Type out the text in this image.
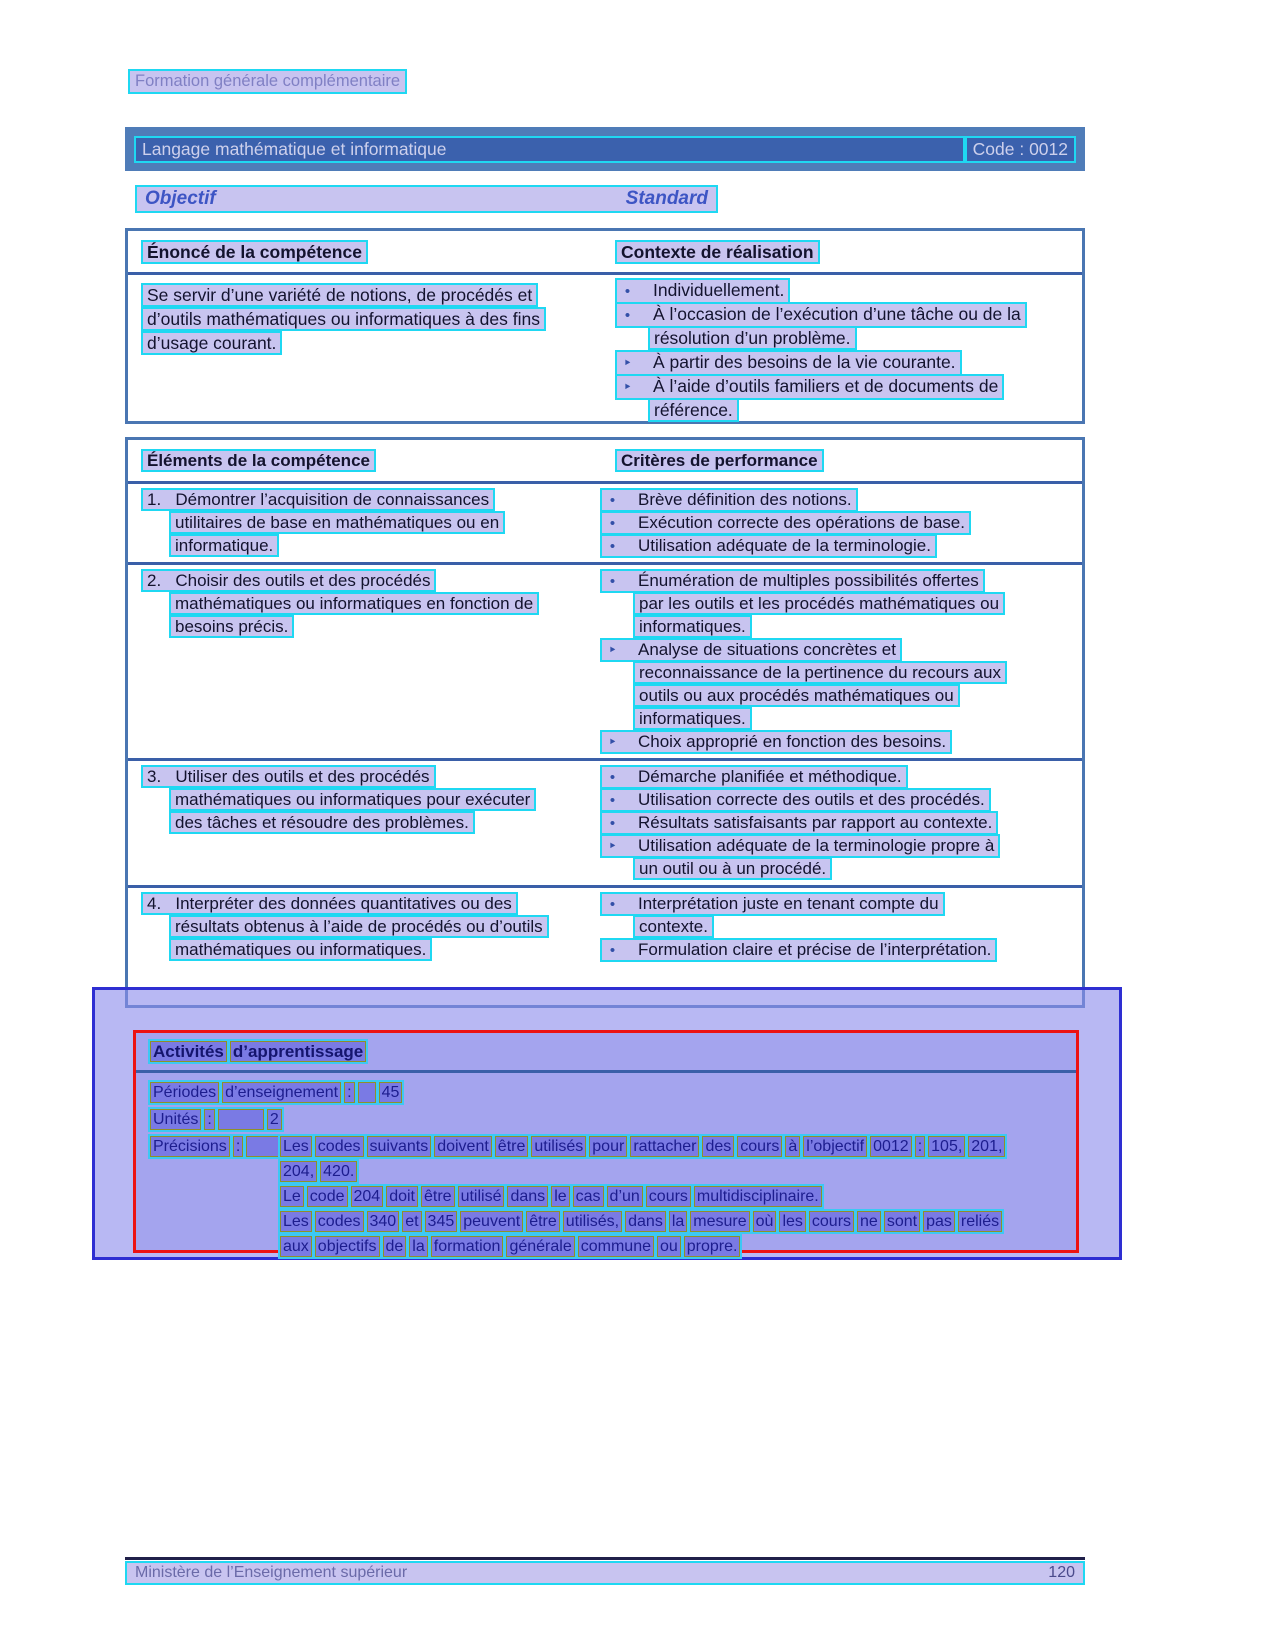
Formation générale complémentaire
Langage mathématique et informatique	Code : 0012
Objectif	Standard
Énoncé de la compétence	Contexte de réalisation
Se servir d’une variété de notions, de procédés et
d’outils mathématiques ou informatiques à des fins
d’usage courant.
• Individuellement.
• À l’occasion de l’exécution d’une tâche ou de la
résolution d’un problème.
‣ À partir des besoins de la vie courante.
‣ À l’aide d’outils familiers et de documents de
référence.
Éléments de la compétence	Critères de performance
1.   Démontrer l’acquisition de connaissances
utilitaires de base en mathématiques ou en
informatique.
• Brève définition des notions.
• Exécution correcte des opérations de base.
• Utilisation adéquate de la terminologie.
2.   Choisir des outils et des procédés
mathématiques ou informatiques en fonction de
besoins précis.
• Énumération de multiples possibilités offertes
par les outils et les procédés mathématiques ou
informatiques.
‣ Analyse de situations concrètes et
reconnaissance de la pertinence du recours aux
outils ou aux procédés mathématiques ou
informatiques.
‣ Choix approprié en fonction des besoins.
3.   Utiliser des outils et des procédés
mathématiques ou informatiques pour exécuter
des tâches et résoudre des problèmes.
• Démarche planifiée et méthodique.
• Utilisation correcte des outils et des procédés.
• Résultats satisfaisants par rapport au contexte.
‣ Utilisation adéquate de la terminologie propre à
un outil ou à un procédé.
4.   Interpréter des données quantitatives ou des
résultats obtenus à l’aide de procédés ou d’outils
mathématiques ou informatiques.
• Interprétation juste en tenant compte du
contexte.
• Formulation claire et précise de l’interprétation.
Activités d’apprentissage
Périodes d’enseignement : 45
Unités :	2
Précisions :	Les codes suivants doivent être utilisés pour rattacher des cours à l’objectif 0012 : 105, 201,
204, 420.
Le code 204 doit être utilisé dans le cas d’un cours multidisciplinaire.
Les codes 340 et 345 peuvent être utilisés, dans la mesure où les cours ne sont pas reliés
aux objectifs de la formation générale commune ou propre.
Ministère de l’Enseignement supérieur	120
